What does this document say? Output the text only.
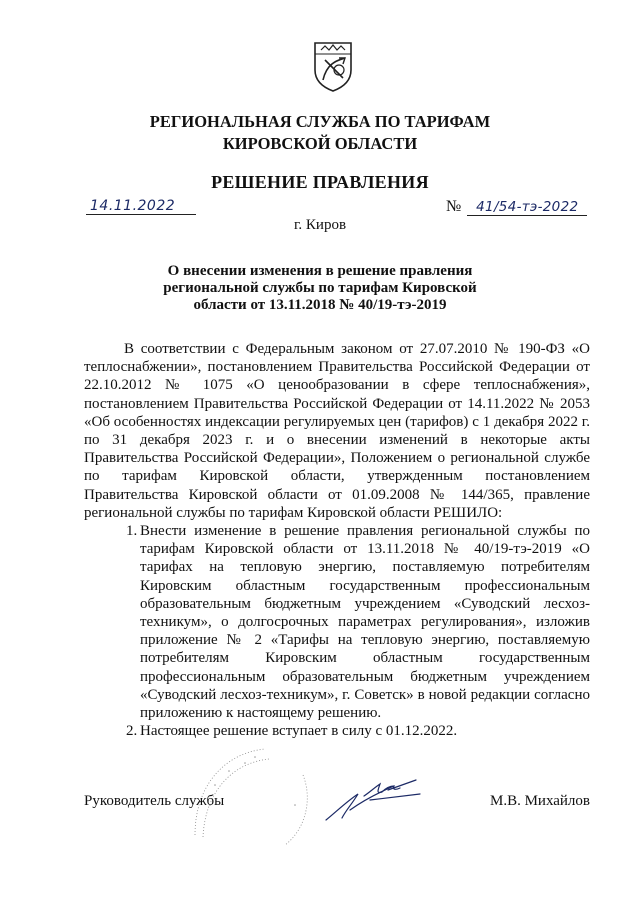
РЕГИОНАЛЬНАЯ СЛУЖБА ПО ТАРИФАМ
КИРОВСКОЙ ОБЛАСТИ
РЕШЕНИЕ ПРАВЛЕНИЯ
14.11.2022	№ 41/54-тэ-2022
г. Киров
О внесении изменения в решение правления
региональной службы по тарифам Кировской
области от 13.11.2018 № 40/19-тэ-2019

В соответствии с Федеральным законом от 27.07.2010 № 190-ФЗ «О теплоснабжении», постановлением Правительства Российской Федерации от 22.10.2012 № 1075 «О ценообразовании в сфере теплоснабжения», постановлением Правительства Российской Федерации от 14.11.2022 № 2053 «Об особенностях индексации регулируемых цен (тарифов) с 1 декабря 2022 г. по 31 декабря 2023 г. и о внесении изменений в некоторые акты Правительства Российской Федерации», Положением о региональной службе по тарифам Кировской области, утвержденным постановлением Правительства Кировской области от 01.09.2008 № 144/365, правление региональной службы по тарифам Кировской области РЕШИЛО:

1. Внести изменение в решение правления региональной службы по тарифам Кировской области от 13.11.2018 № 40/19-тэ-2019 «О тарифах на тепловую энергию, поставляемую потребителям Кировским областным государственным профессиональным образовательным бюджетным учреждением «Суводский лесхоз-техникум», о долгосрочных параметрах регулирования», изложив приложение № 2 «Тарифы на тепловую энергию, поставляемую потребителям Кировским областным государственным профессиональным образовательным бюджетным учреждением «Суводский лесхоз-техникум», г. Советск» в новой редакции согласно приложению к настоящему решению.
2. Настоящее решение вступает в силу с 01.12.2022.
Руководитель службы	М.В. Михайлов
